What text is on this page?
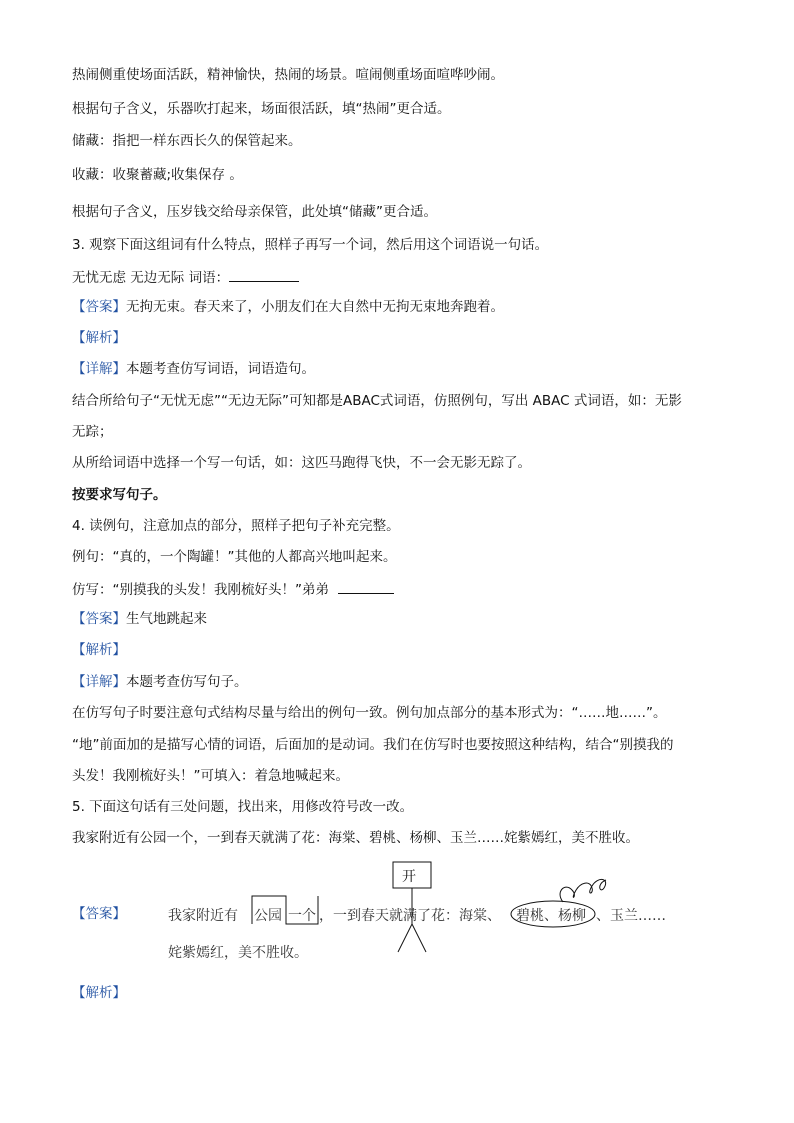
热闹侧重使场面活跃，精神愉快，热闹的场景。喧闹侧重场面喧哗吵闹。
根据句子含义，乐器吹打起来，场面很活跃，填“热闹”更合适。
储藏：指把一样东西长久的保管起来。
收藏：收聚蓄藏;收集保存 。
根据句子含义，压岁钱交给母亲保管，此处填“储藏”更合适。
3. 观察下面这组词有什么特点，照样子再写一个词，然后用这个词语说一句话。
无忧无虑 无边无际 词语：
【答案】无拘无束。春天来了，小朋友们在大自然中无拘无束地奔跑着。
【解析】
【详解】本题考查仿写词语，词语造句。
结合所给句子“无忧无虑”“无边无际”可知都是ABAC式词语，仿照例句，写出 ABAC 式词语，如：无影
无踪；
从所给词语中选择一个写一句话，如：这匹马跑得飞快，不一会无影无踪了。
按要求写句子。
4. 读例句，注意加点的部分，照样子把句子补充完整。
例句：“真的，一个陶罐！”其他的人都高兴地叫起来。
仿写：“别摸我的头发！我刚梳好头！”弟弟
【答案】生气地跳起来
【解析】
【详解】本题考查仿写句子。
在仿写句子时要注意句式结构尽量与给出的例句一致。例句加点部分的基本形式为：“……地……”。
“地”前面加的是描写心情的词语，后面加的是动词。我们在仿写时也要按照这种结构，结合“别摸我的
头发！我刚梳好头！”可填入：着急地喊起来。
5. 下面这句话有三处问题，找出来，用修改符号改一改。
我家附近有公园一个，一到春天就满了花：海棠、碧桃、杨柳、玉兰……姹紫嫣红，美不胜收。
【答案】
开
我家附近有 公园 一个 ，一到春天就满了花：海棠、 碧桃、杨柳 、玉兰……
姹紫嫣红，美不胜收。
【解析】
